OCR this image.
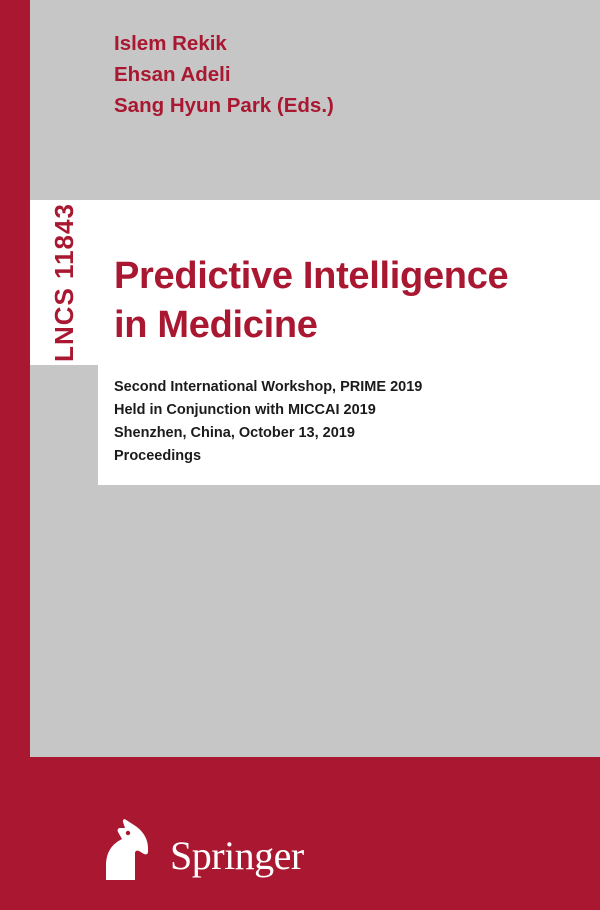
LNCS 11843
Islem Rekik
Ehsan Adeli
Sang Hyun Park (Eds.)
Predictive Intelligence
in Medicine
Second International Workshop, PRIME 2019
Held in Conjunction with MICCAI 2019
Shenzhen, China, October 13, 2019
Proceedings
Springer
